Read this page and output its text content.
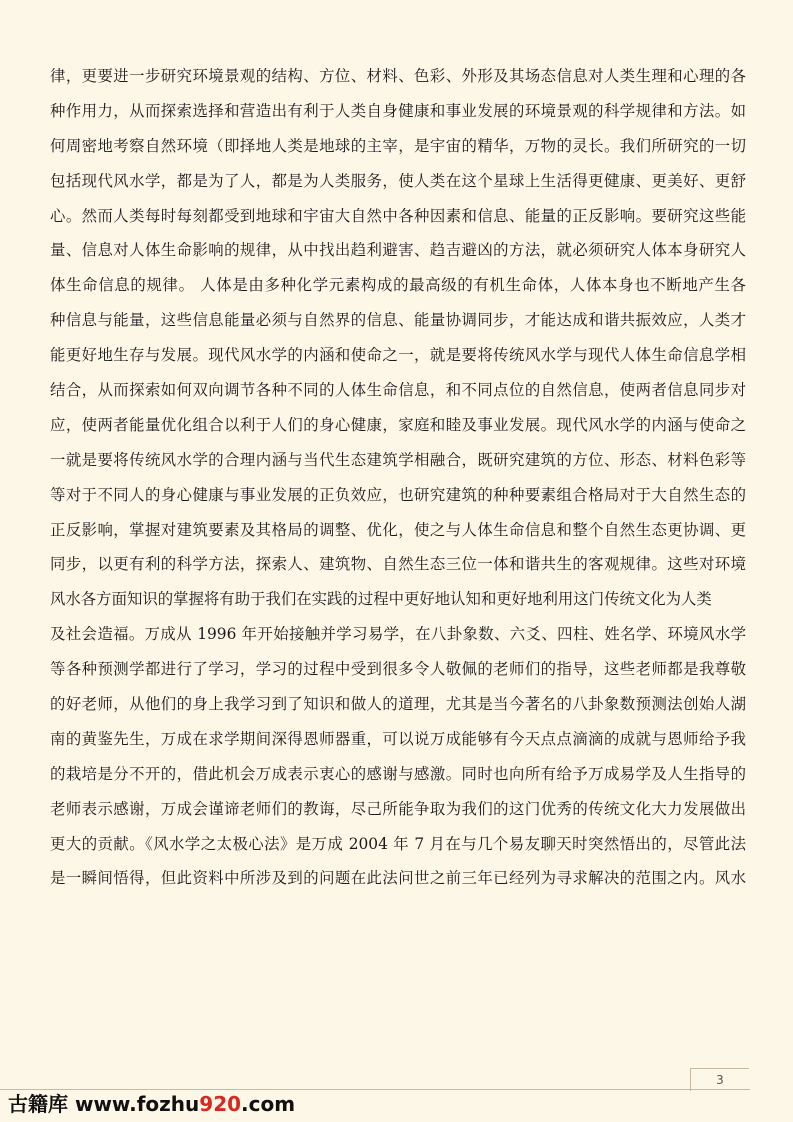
律，更要进一步研究环境景观的结构、方位、材料、色彩、外形及其场态信息对人类生理和心理的各
种作用力，从而探索选择和营造出有利于人类自身健康和事业发展的环境景观的科学规律和方法。如
何周密地考察自然环境（即择地人类是地球的主宰，是宇宙的精华，万物的灵长。我们所研究的一切
包括现代风水学，都是为了人，都是为人类服务，使人类在这个星球上生活得更健康、更美好、更舒
心。然而人类每时每刻都受到地球和宇宙大自然中各种因素和信息、能量的正反影响。要研究这些能
量、信息对人体生命影响的规律，从中找出趋利避害、趋吉避凶的方法，就必须研究人体本身研究人
体生命信息的规律。 人体是由多种化学元素构成的最高级的有机生命体，人体本身也不断地产生各
种信息与能量，这些信息能量必须与自然界的信息、能量协调同步，才能达成和谐共振效应，人类才
能更好地生存与发展。现代风水学的内涵和使命之一，就是要将传统风水学与现代人体生命信息学相
结合，从而探索如何双向调节各种不同的人体生命信息，和不同点位的自然信息，使两者信息同步对
应，使两者能量优化组合以利于人们的身心健康，家庭和睦及事业发展。现代风水学的内涵与使命之
一就是要将传统风水学的合理内涵与当代生态建筑学相融合，既研究建筑的方位、形态、材料色彩等
等对于不同人的身心健康与事业发展的正负效应，也研究建筑的种种要素组合格局对于大自然生态的
正反影响，掌握对建筑要素及其格局的调整、优化，使之与人体生命信息和整个自然生态更协调、更
同步，以更有利的科学方法，探索人、建筑物、自然生态三位一体和谐共生的客观规律。这些对环境
风水各方面知识的掌握将有助于我们在实践的过程中更好地认知和更好地利用这门传统文化为人类
及社会造福。万成从 1996 年开始接触并学习易学，在八卦象数、六爻、四柱、姓名学、环境风水学
等各种预测学都进行了学习，学习的过程中受到很多令人敬佩的老师们的指导，这些老师都是我尊敬
的好老师，从他们的身上我学习到了知识和做人的道理，尤其是当今著名的八卦象数预测法创始人湖
南的黄鉴先生，万成在求学期间深得恩师器重，可以说万成能够有今天点点滴滴的成就与恩师给予我
的栽培是分不开的，借此机会万成表示衷心的感谢与感激。同时也向所有给予万成易学及人生指导的
老师表示感谢，万成会谨谛老师们的教诲，尽己所能争取为我们的这门优秀的传统文化大力发展做出
更大的贡献。《风水学之太极心法》是万成 2004 年 7 月在与几个易友聊天时突然悟出的，尽管此法
是一瞬间悟得，但此资料中所涉及到的问题在此法问世之前三年已经列为寻求解决的范围之内。风水
3
古籍库 www.fozhu920.com
